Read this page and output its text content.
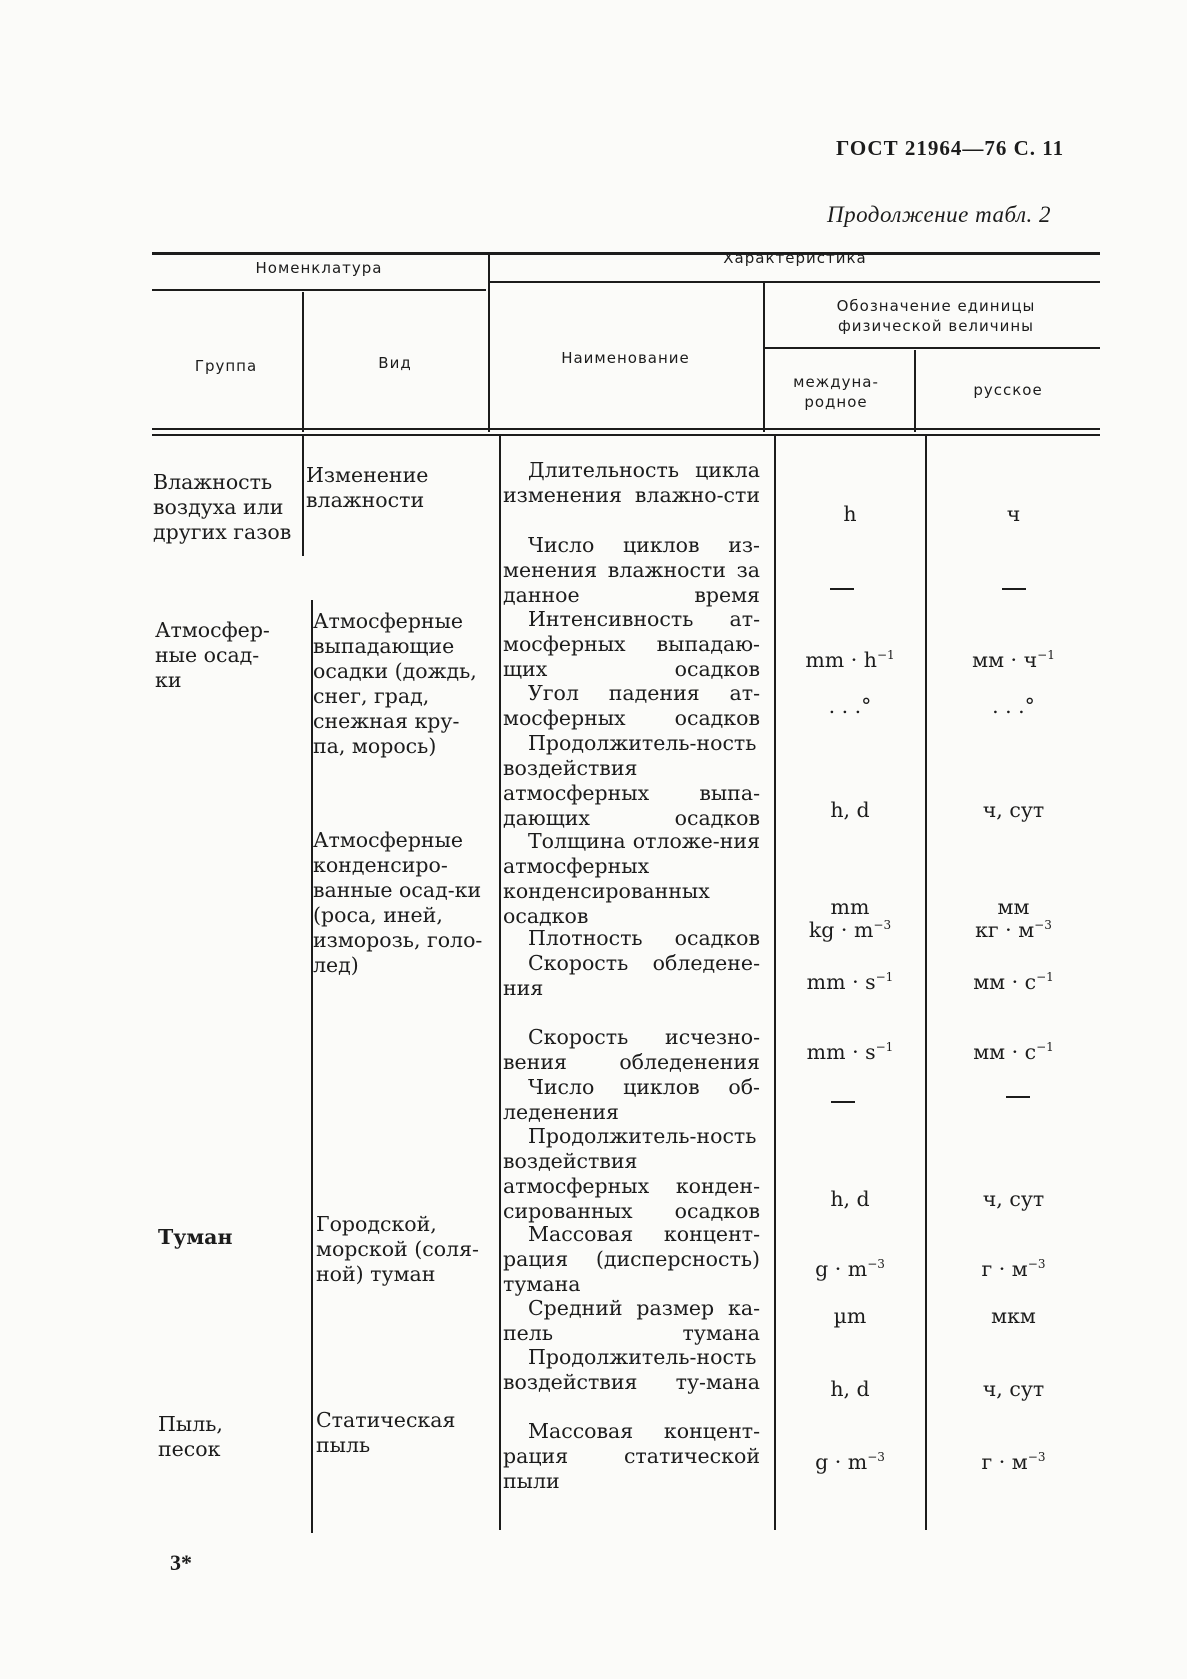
ГОСТ 21964—76 С. 11
Продолжение табл. 2
Номенклатура
Характеристика
Группа	Вид	Наименование
Обозначение единицы физической величины
междуна-родное
русское
Влажность воздуха или других газов
Атмосфер-ные осад-ки
Туман
Пыль, песок
Изменение влажности
Атмосферные выпадающие осадки (дождь, снег, град, снежная кру-па, морось)
Атмосферные конденсиро-ванные осад-ки (роса, иней, изморозь, голо-лед)
Городской, морской (соля-ной) туман
Статическая пыль
Длительность цикла изменения влажно-сти
Число циклов из-менения влажности за данное время
Интенсивность ат-мосферных выпадаю-щих осадков
Угол падения ат-мосферных осадков
Продолжитель-ность воздействия атмосферных выпа-дающих осадков
Толщина отложе-ния атмосферных конденсированных осадков
Плотность осадков
Скорость обледене-ния
Скорость исчезно-вения обледенения
Число циклов об-леденения
Продолжитель-ность воздействия атмосферных конден-сированных осадков
Массовая концент-рация (дисперсность) тумана
Средний размер ка-пель тумана
Продолжитель-ность воздействия ту-мана
Массовая концент-рация статической пыли
h
mm · $h^{-1}$
. . .°
h, d
mm
kg · $m^{-3}$
mm · $s^{-1}$
mm · $s^{-1}$
h, d
$g \cdot m^{-3}$
µm
h, d
$g \cdot m^{-3}$
ч
мм · $ч^{-1}$
. . .°
ч, сут
мм
кг · $м^{-3}$
мм · $с^{-1}$
мм · $с^{-1}$
ч, сут
$г \cdot м^{-3}$
мкм
ч, сут
$г \cdot м^{-3}$
3*
